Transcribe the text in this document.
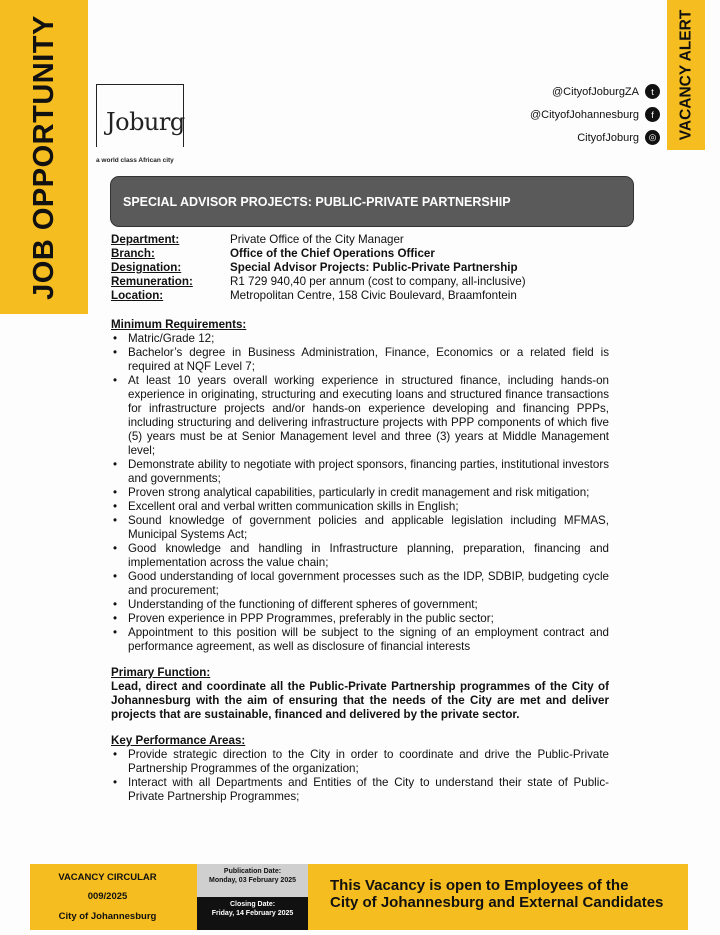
JOB OPPORTUNITY	VACANCY ALERT
Joburg
a world class African city
@CityofJoburgZA	t
@CityofJohannesburg	f
CityofJoburg	◎
SPECIAL ADVISOR PROJECTS: PUBLIC-PRIVATE PARTNERSHIP
Department:	Private Office of the City Manager
Branch:	Office of the Chief Operations Officer
Designation:	Special Advisor Projects: Public-Private Partnership
Remuneration:	R1 729 940,40 per annum (cost to company, all-inclusive)
Location:	Metropolitan Centre, 158 Civic Boulevard, Braamfontein
Minimum Requirements:
• Matric/Grade 12;
• Bachelor’s degree in Business Administration, Finance, Economics or a related field is required at NQF Level 7;
• At least 10 years overall working experience in structured finance, including hands-on experience in originating, structuring and executing loans and structured finance transactions for infrastructure projects and/or hands-on experience developing and financing PPPs, including structuring and delivering infrastructure projects with PPP components of which five (5) years must be at Senior Management level and three (3) years at Middle Management level;
• Demonstrate ability to negotiate with project sponsors, financing parties, institutional investors and governments;
• Proven strong analytical capabilities, particularly in credit management and risk mitigation;
• Excellent oral and verbal written communication skills in English;
• Sound knowledge of government policies and applicable legislation including MFMAS, Municipal Systems Act;
• Good knowledge and handling in Infrastructure planning, preparation, financing and implementation across the value chain;
• Good understanding of local government processes such as the IDP, SDBIP, budgeting cycle and procurement;
• Understanding of the functioning of different spheres of government;
• Proven experience in PPP Programmes, preferably in the public sector;
• Appointment to this position will be subject to the signing of an employment contract and performance agreement, as well as disclosure of financial interests
Primary Function:
Lead, direct and coordinate all the Public-Private Partnership programmes of the City of Johannesburg with the aim of ensuring that the needs of the City are met and deliver projects that are sustainable, financed and delivered by the private sector.
Key Performance Areas:
• Provide strategic direction to the City in order to coordinate and drive the Public-Private Partnership Programmes of the organization;
• Interact with all Departments and Entities of the City to understand their state of Public-Private Partnership Programmes;
VACANCY CIRCULAR
009/2025
City of Johannesburg
Publication Date:
Monday, 03 February 2025
Closing Date:
Friday, 14 February 2025
This Vacancy is open to Employees of the
City of Johannesburg and External Candidates
